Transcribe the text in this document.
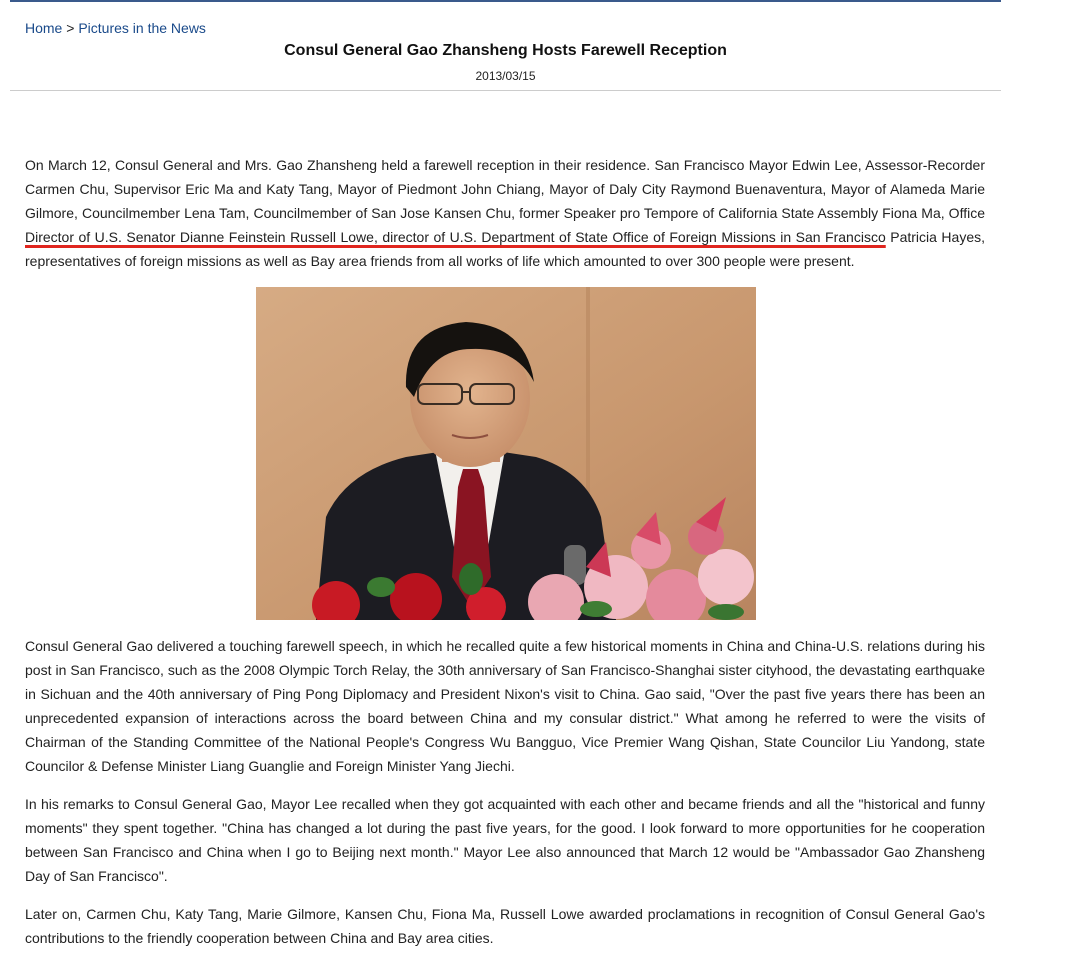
Home > Pictures in the News
Consul General Gao Zhansheng Hosts Farewell Reception
2013/03/15

On March 12, Consul General and Mrs. Gao Zhansheng held a farewell reception in their residence. San Francisco Mayor Edwin Lee, Assessor-Recorder Carmen Chu, Supervisor Eric Ma and Katy Tang, Mayor of Piedmont John Chiang, Mayor of Daly City Raymond Buenaventura, Mayor of Alameda Marie Gilmore, Councilmember Lena Tam, Councilmember of San Jose Kansen Chu, former Speaker pro Tempore of California State Assembly Fiona Ma, Office Director of U.S. Senator Dianne Feinstein Russell Lowe, director of U.S. Department of State Office of Foreign Missions in San Francisco Patricia Hayes, representatives of foreign missions as well as Bay area friends from all works of life which amounted to over 300 people were present.

Consul General Gao delivered a touching farewell speech, in which he recalled quite a few historical moments in China and China-U.S. relations during his post in San Francisco, such as the 2008 Olympic Torch Relay, the 30th anniversary of San Francisco-Shanghai sister cityhood, the devastating earthquake in Sichuan and the 40th anniversary of Ping Pong Diplomacy and President Nixon's visit to China. Gao said, "Over the past five years there has been an unprecedented expansion of interactions across the board between China and my consular district." What among he referred to were the visits of Chairman of the Standing Committee of the National People's Congress Wu Bangguo, Vice Premier Wang Qishan, State Councilor Liu Yandong, state Councilor & Defense Minister Liang Guanglie and Foreign Minister Yang Jiechi.

In his remarks to Consul General Gao, Mayor Lee recalled when they got acquainted with each other and became friends and all the "historical and funny moments" they spent together. "China has changed a lot during the past five years, for the good. I look forward to more opportunities for he cooperation between San Francisco and China when I go to Beijing next month." Mayor Lee also announced that March 12 would be "Ambassador Gao Zhansheng Day of San Francisco".

Later on, Carmen Chu, Katy Tang, Marie Gilmore, Kansen Chu, Fiona Ma, Russell Lowe awarded proclamations in recognition of Consul General Gao's contributions to the friendly cooperation between China and Bay area cities.
